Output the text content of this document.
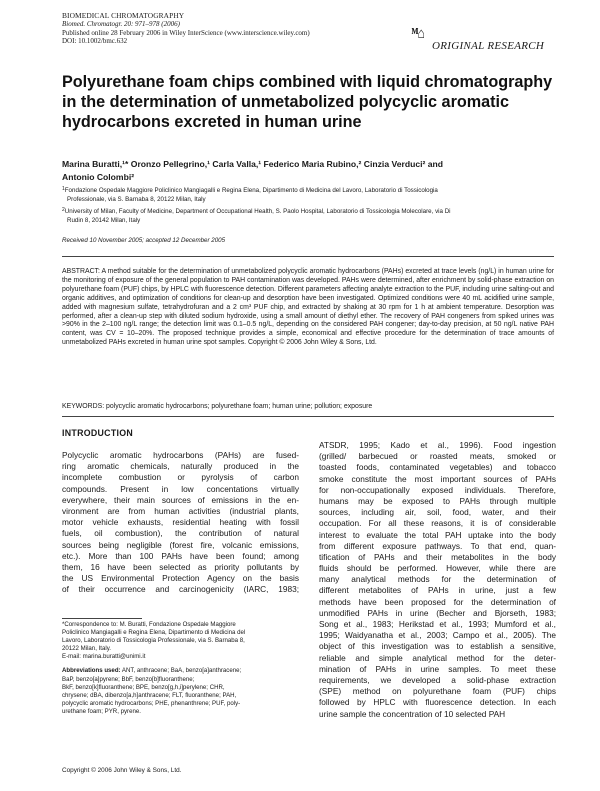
BIOMEDICAL CHROMATOGRAPHY
Biomed. Chromatogr. 20: 971–978 (2006)
Published online 28 February 2006 in Wiley InterScience (www.interscience.wiley.com)
DOI: 10.1002/bmc.632	ᴹ⌂
ORIGINAL RESEARCH
Polyurethane foam chips combined with liquid chromatography in the determination of unmetabolized polycyclic aromatic hydrocarbons excreted in human urine
Marina Buratti,¹* Oronzo Pellegrino,¹ Carla Valla,¹ Federico Maria Rubino,² Cinzia Verduci² and
Antonio Colombi²
$^1$Fondazione Ospedale Maggiore Policlinico Mangiagalli e Regina Elena, Dipartimento di Medicina del Lavoro, Laboratorio di Tossicologia
Professionale, via S. Barnaba 8, 20122 Milan, Italy
$^2$University of Milan, Faculty of Medicine, Department of Occupational Health, S. Paolo Hospital, Laboratorio di Tossicologia Molecolare, via Di
Rudin 8, 20142 Milan, Italy
Received 10 November 2005; accepted 12 December 2005
ABSTRACT: A method suitable for the determination of unmetabolized polycyclic aromatic hydrocarbons (PAHs) excreted at trace levels (ng/L) in human urine for the monitoring of exposure of the general population to PAH contamination was developed. PAHs were determined, after enrichment by solid-phase extraction on polyurethane foam (PUF) chips, by HPLC with fluorescence detection. Different parameters affecting analyte extraction to the PUF, including urine salting-out and organic additives, and optimization of conditions for clean-up and desorption have been investigated. Optimized conditions were 40 mL acidified urine sample, added with magnesium sulfate, tetrahydrofuran and a 2 cm³ PUF chip, and extracted by shaking at 30 rpm for 1 h at ambient temperature. Desorption was performed, after a clean-up step with diluted sodium hydroxide, using a small amount of diethyl ether. The recovery of PAH congeners from spiked urines was >90% in the 2–100 ng/L range; the detection limit was 0.1–0.5 ng/L, depending on the considered PAH congener; day-to-day precision, at 50 ng/L native PAH content, was CV = 10–20%. The proposed technique provides a simple, economical and effective procedure for the determination of trace amounts of unmetabolized PAHs excreted in human urine spot samples. Copyright © 2006 John Wiley & Sons, Ltd.
KEYWORDS: polycyclic aromatic hydrocarbons; polyurethane foam; human urine; pollution; exposure
INTRODUCTION
Polycyclic aromatic hydrocarbons (PAHs) are fused-
ring aromatic chemicals, naturally produced in the
incomplete combustion or pyrolysis of carbon
compounds. Present in low concentations virtually
everywhere, their main sources of emissions in the en-
vironment are from human activities (industrial plants,
motor vehicle exhausts, residential heating with fossil
fuels, oil combustion), the contribution of natural
sources being negligible (forest fire, volcanic emissions,
etc.). More than 100 PAHs have been found; among
them, 16 have been selected as priority pollutants by
the US Environmental Protection Agency on the basis
of their occurrence and carcinogenicity (IARC, 1983;
ATSDR, 1995; Kado et al., 1996). Food ingestion
(grilled/ barbecued or roasted meats, smoked or
toasted foods, contaminated vegetables) and tobacco
smoke constitute the most important sources of PAHs
for non-occupationally exposed individuals. Therefore,
humans may be exposed to PAHs through multiple
sources, including air, soil, food, water, and their
occupation. For all these reasons, it is of considerable
interest to evaluate the total PAH uptake into the body
from different exposure pathways. To that end, quan-
tification of PAHs and their metabolites in the body
fluids should be performed. However, while there are
many analytical methods for the determination of
different metabolites of PAHs in urine, just a few
methods have been proposed for the determination of
unmodified PAHs in urine (Becher and Bjorseth, 1983;
Song et al., 1983; Herikstad et al., 1993; Mumford et al.,
1995; Waidyanatha et al., 2003; Campo et al., 2005). The
object of this investigation was to establish a sensitive,
reliable and simple analytical method for the deter-
mination of PAHs in urine samples. To meet these
requirements, we developed a solid-phase extraction
(SPE) method on polyurethane foam (PUF) chips
followed by HPLC with fluorescence detection. In each
urine sample the concentration of 10 selected PAH
*Correspondence to: M. Buratti, Fondazione Ospedale Maggiore
Policlinico Mangiagalli e Regina Elena, Dipartimento di Medicina del
Lavoro, Laboratorio di Tossicologia Professionale, via S. Barnaba 8,
20122 Milan, Italy.
E-mail: marina.buratti@unimi.it
Abbreviations used: ANT, anthracene; BaA, benzo[a]anthracene;
BaP, benzo[a]pyrene; BbF, benzo[b]fluoranthene;
BkF, benzo[k]fluoranthene; BPE, benzo[g,h,i]perylene; CHR,
chrysene; dBA, dibenzo[a,h]anthracene; FLT, fluoranthene; PAH,
polycyclic aromatic hydrocarbons; PHE, phenanthrene; PUF, poly-
urethane foam; PYR, pyrene.
Copyright © 2006 John Wiley & Sons, Ltd.
